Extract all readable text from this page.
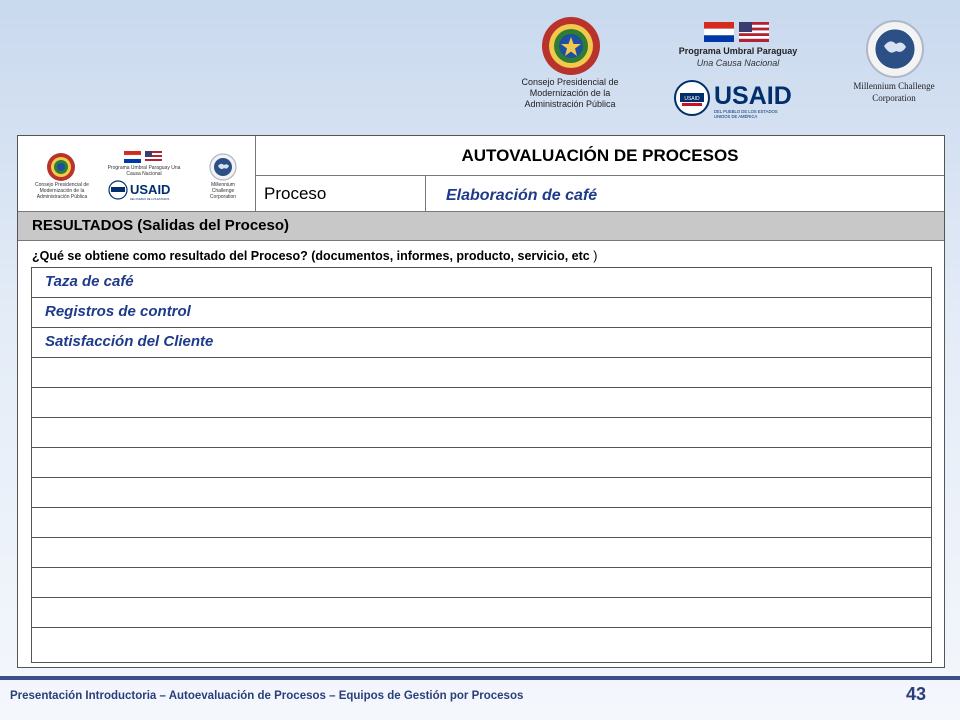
Consejo Presidencial de Modernización de la Administración Pública
Programa Umbral Paraguay
Una Causa Nacional
USAID USAID
DEL PUEBLO DE LOS ESTADOS
UNIDOS DE AMÉRICA
Millennium Challenge Corporation
Consejo Presidencial de Modernización de la Administración Pública
Programa Umbral Paraguay Una Causa Nacional
USAID
DEL PUEBLO DE LOS ESTADOS
Millennium Challenge Corporation
AUTOVALUACIÓN DE PROCESOS
Proceso	Elaboración de café
RESULTADOS (Salidas del Proceso)
¿Qué se obtiene como resultado del Proceso? (documentos, informes, producto, servicio, etc )
Taza de café
Registros de control
Satisfacción del Cliente
Presentación Introductoria – Autoevaluación de Procesos – Equipos de Gestión por Procesos	43
